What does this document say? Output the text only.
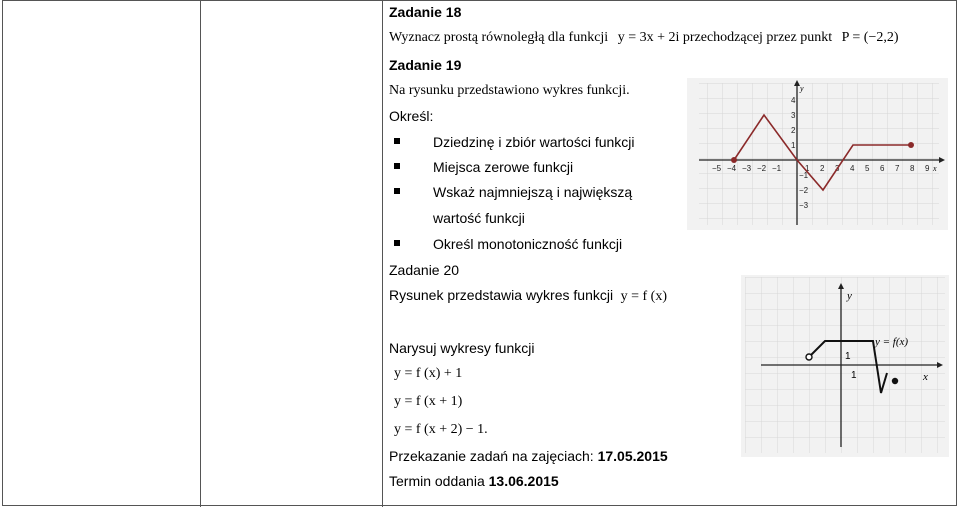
Zadanie 18
Wyznacz prostą równoległą dla funkcji y = 3x + 2i przechodzącej przez punkt P = (−2,2)
Zadanie 19
Na rysunku przedstawiono wykres funkcji.
Określ:
Dziedzinę i zbiór wartości funkcji
Miejsca zerowe funkcji
Wskaż najmniejszą i największą
wartość funkcji
Określ monotoniczność funkcji
Zadanie 20
Rysunek przedstawia wykres funkcji y = f (x)
Narysuj wykresy funkcji
y = f (x) + 1
y = f (x + 1)
y = f (x + 2) − 1.
Przekazanie zadań na zajęciach: 17.05.2015
Termin oddania 13.06.2015
y
x
−5 −4 −3 −2 −1	1 2 3 4 5 6 7 8 9
4
3
2
1
−1
−2
−3
y
x
1
1
y = f(x)
